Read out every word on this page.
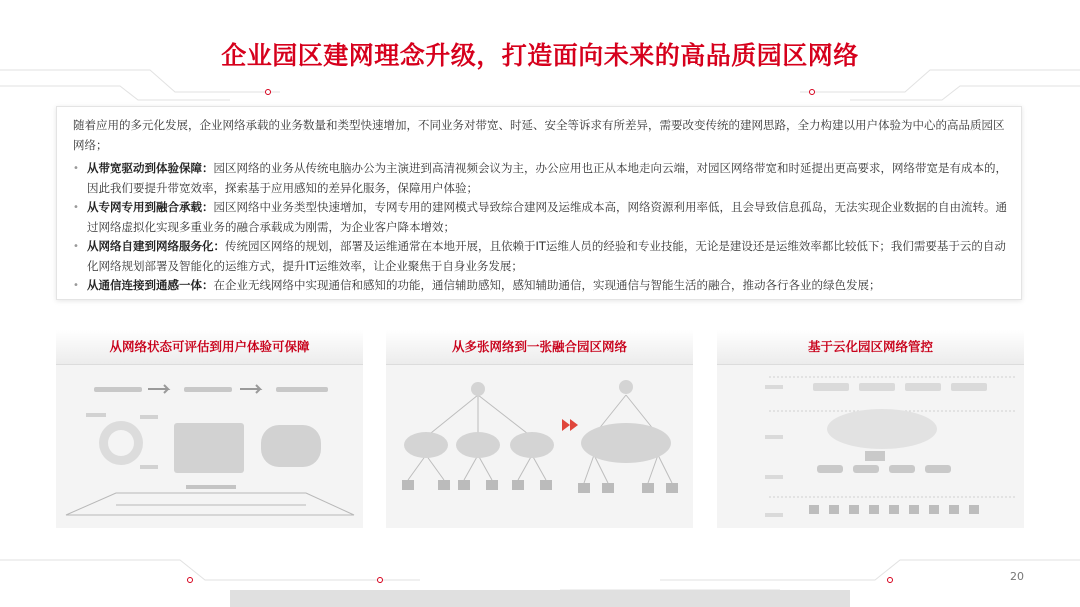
企业园区建网理念升级，打造面向未来的高品质园区网络

随着应用的多元化发展，企业网络承载的业务数量和类型快速增加，不同业务对带宽、时延、安全等诉求有所差异，需要改变传统的建网思路，全力构建以用户体验为中心的高品质园区网络；

• 从带宽驱动到体验保障：园区网络的业务从传统电脑办公为主演进到高清视频会议为主，办公应用也正从本地走向云端，对园区网络带宽和时延提出更高要求，网络带宽是有成本的，因此我们要提升带宽效率，探索基于应用感知的差异化服务，保障用户体验；
• 从专网专用到融合承载：园区网络中业务类型快速增加，专网专用的建网模式导致综合建网及运维成本高，网络资源利用率低，且会导致信息孤岛，无法实现企业数据的自由流转。通过网络虚拟化实现多重业务的融合承载成为刚需，为企业客户降本增效；
• 从网络自建到网络服务化：传统园区网络的规划，部署及运维通常在本地开展，且依赖于IT运维人员的经验和专业技能，无论是建设还是运维效率都比较低下；我们需要基于云的自动化网络规划部署及智能化的运维方式，提升IT运维效率，让企业聚焦于自身业务发展；
• 从通信连接到通感一体：在企业无线网络中实现通信和感知的功能，通信辅助感知，感知辅助通信，实现通信与智能生活的融合，推动各行各业的绿色发展；
从网络状态可评估到用户体验可保障	从多张网络到一张融合园区网络	基于云化园区网络管控
20
